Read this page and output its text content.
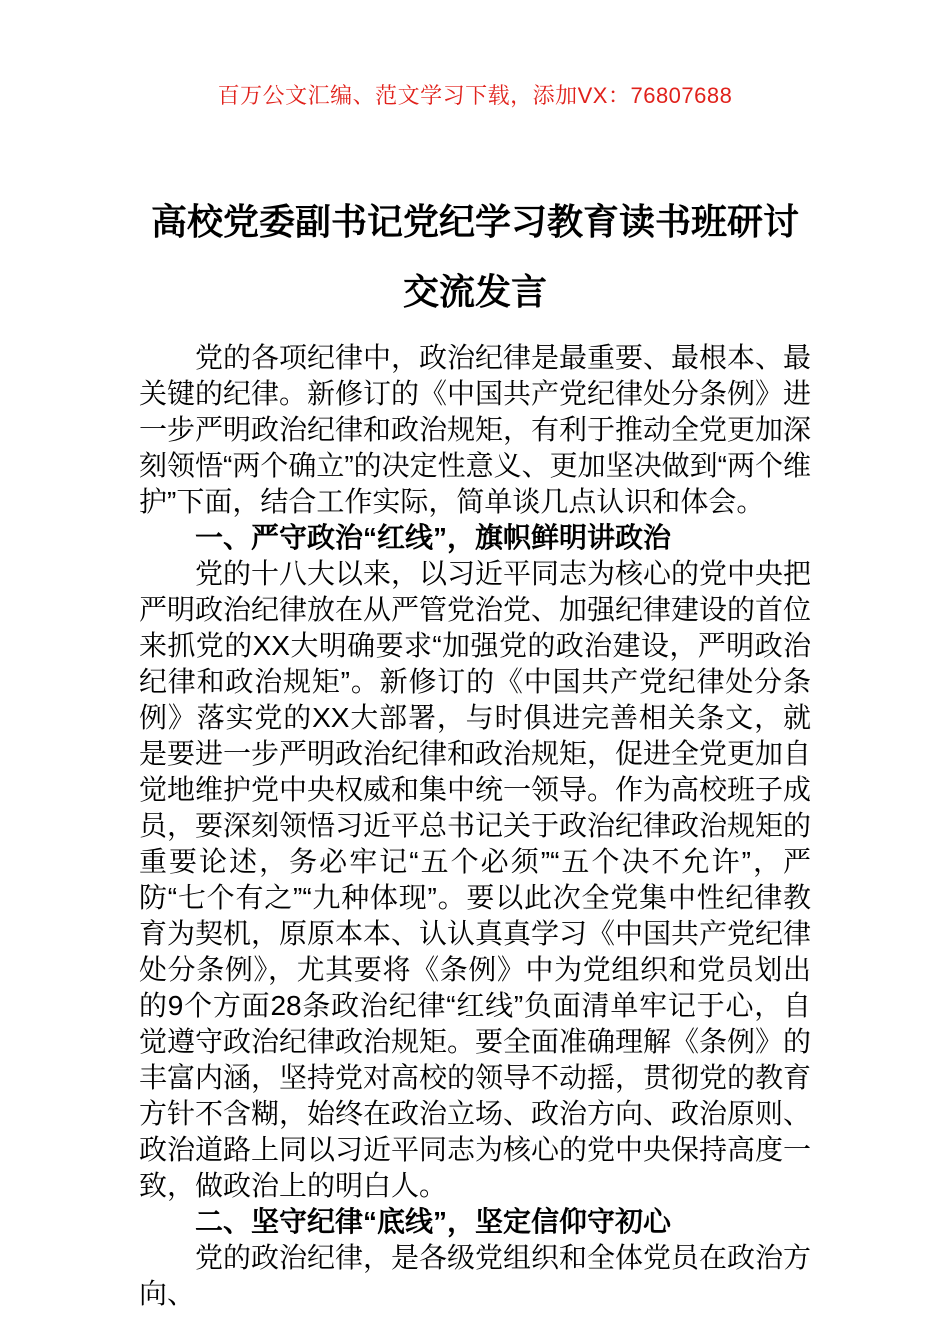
百万公文汇编、范文学习下载，添加VX：76807688
高校党委副书记党纪学习教育读书班研讨交流发言

党的各项纪律中，政治纪律是最重要、最根本、最关键的纪律。新修订的《中国共产党纪律处分条例》进一步严明政治纪律和政治规矩，有利于推动全党更加深刻领悟“两个确立”的决定性意义、更加坚决做到“两个维护”下面，结合工作实际，简单谈几点认识和体会。

一、严守政治“红线”，旗帜鲜明讲政治

党的十八大以来，以习近平同志为核心的党中央把严明政治纪律放在从严管党治党、加强纪律建设的首位来抓党的XX大明确要求“加强党的政治建设，严明政治纪律和政治规矩”。新修订的《中国共产党纪律处分条例》落实党的XX大部署，与时俱进完善相关条文，就是要进一步严明政治纪律和政治规矩，促进全党更加自觉地维护党中央权威和集中统一领导。作为高校班子成员，要深刻领悟习近平总书记关于政治纪律政治规矩的重要论述，务必牢记“五个必须”“五个决不允许”，严防“七个有之”“九种体现”。要以此次全党集中性纪律教育为契机，原原本本、认认真真学习《中国共产党纪律处分条例》，尤其要将《条例》中为党组织和党员划出的9个方面28条政治纪律“红线”负面清单牢记于心，自觉遵守政治纪律政治规矩。要全面准确理解《条例》的丰富内涵，坚持党对高校的领导不动摇，贯彻党的教育方针不含糊，始终在政治立场、政治方向、政治原则、政治道路上同以习近平同志为核心的党中央保持高度一致，做政治上的明白人。

二、坚守纪律“底线”，坚定信仰守初心

党的政治纪律，是各级党组织和全体党员在政治方向、
